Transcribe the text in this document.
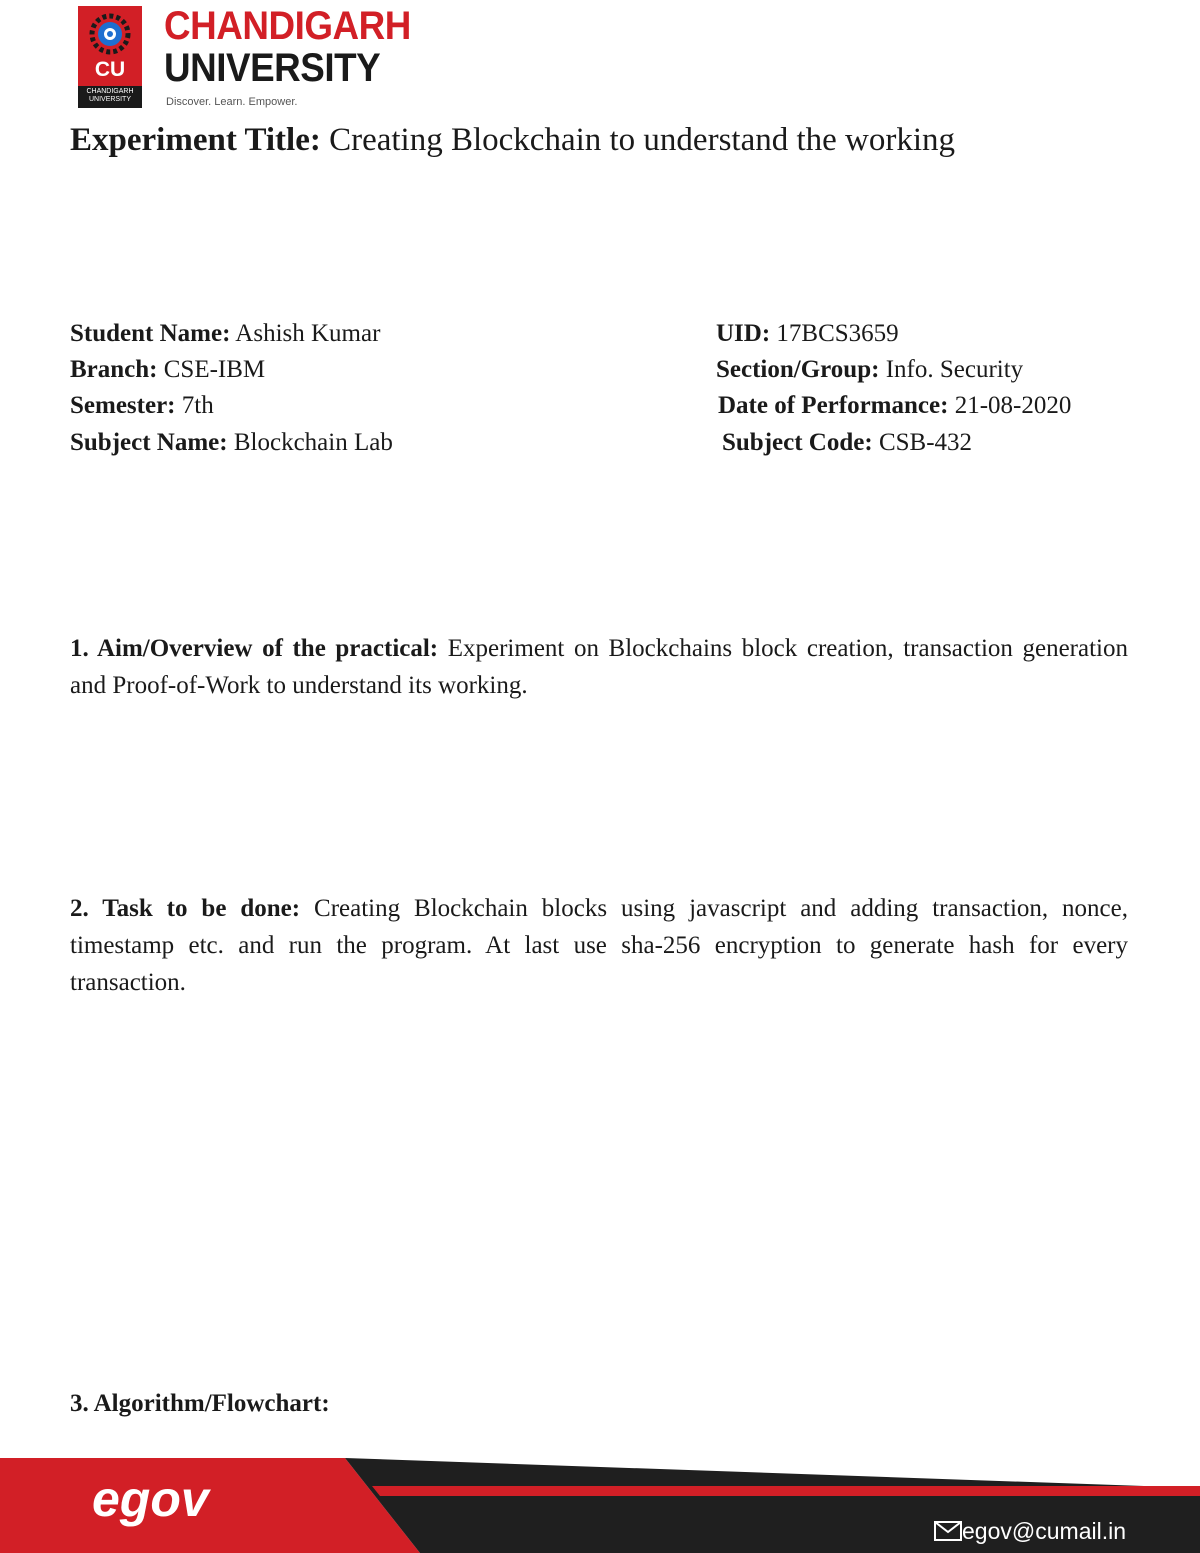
CU
CHANDIGARH
UNIVERSITY
CHANDIGARH
UNIVERSITY
Discover. Learn. Empower.
Experiment Title: Creating Blockchain to understand the working
Student Name: Ashish Kumar
Branch: CSE-IBM
Semester: 7th
Subject Name: Blockchain Lab
UID: 17BCS3659
Section/Group: Info. Security
Date of Performance: 21-08-2020
Subject Code: CSB-432
1. Aim/Overview of the practical: Experiment on Blockchains block creation, transaction generation and Proof-of-Work to understand its working.
2. Task to be done: Creating Blockchain blocks using javascript and adding transaction, nonce, timestamp etc. and run the program. At last use sha-256 encryption to generate hash for every transaction.
3. Algorithm/Flowchart:
egov
egov@cumail.in
